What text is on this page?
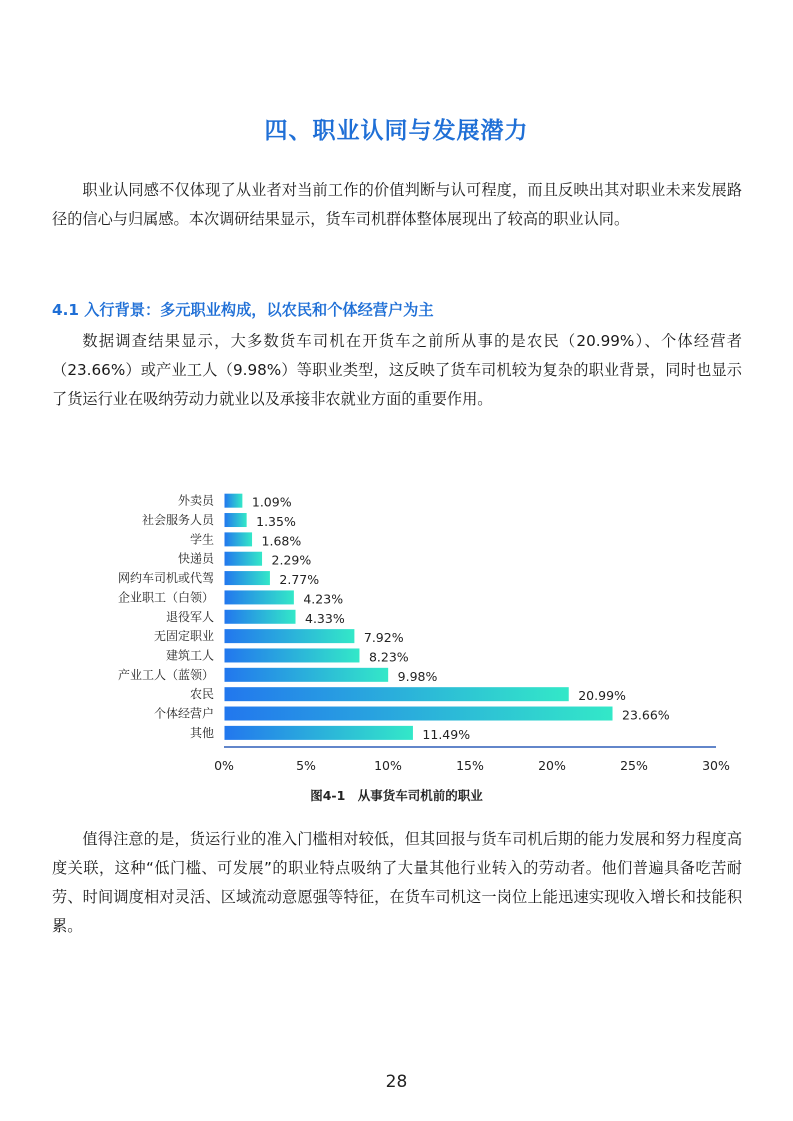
四、职业认同与发展潜力

职业认同感不仅体现了从业者对当前工作的价值判断与认可程度，而且反映出其对职业未来发展路径的信心与归属感。本次调研结果显示，货车司机群体整体展现出了较高的职业认同。

4.1 入行背景：多元职业构成，以农民和个体经营户为主

数据调查结果显示，大多数货车司机在开货车之前所从事的是农民（20.99%）、个体经营者（23.66%）或产业工人（9.98%）等职业类型，这反映了货车司机较为复杂的职业背景，同时也显示了货运行业在吸纳劳动力就业以及承接非农就业方面的重要作用。

外卖员	1.09%
社会服务人员	1.35%
学生	1.68%
快递员	2.29%
网约车司机或代驾	2.77%
企业职工（白领）	4.23%
退役军人	4.33%
无固定职业	7.92%
建筑工人	8.23%
产业工人（蓝领）	9.98%
农民	20.99%
个体经营户	23.66%
其他	11.49%
0%	5%	10%	15%	20%	25%	30%
图4-1　从事货车司机前的职业

值得注意的是，货运行业的准入门槛相对较低，但其回报与货车司机后期的能力发展和努力程度高度关联，这种“低门槛、可发展”的职业特点吸纳了大量其他行业转入的劳动者。他们普遍具备吃苦耐劳、时间调度相对灵活、区域流动意愿强等特征，在货车司机这一岗位上能迅速实现收入增长和技能积累。

28
